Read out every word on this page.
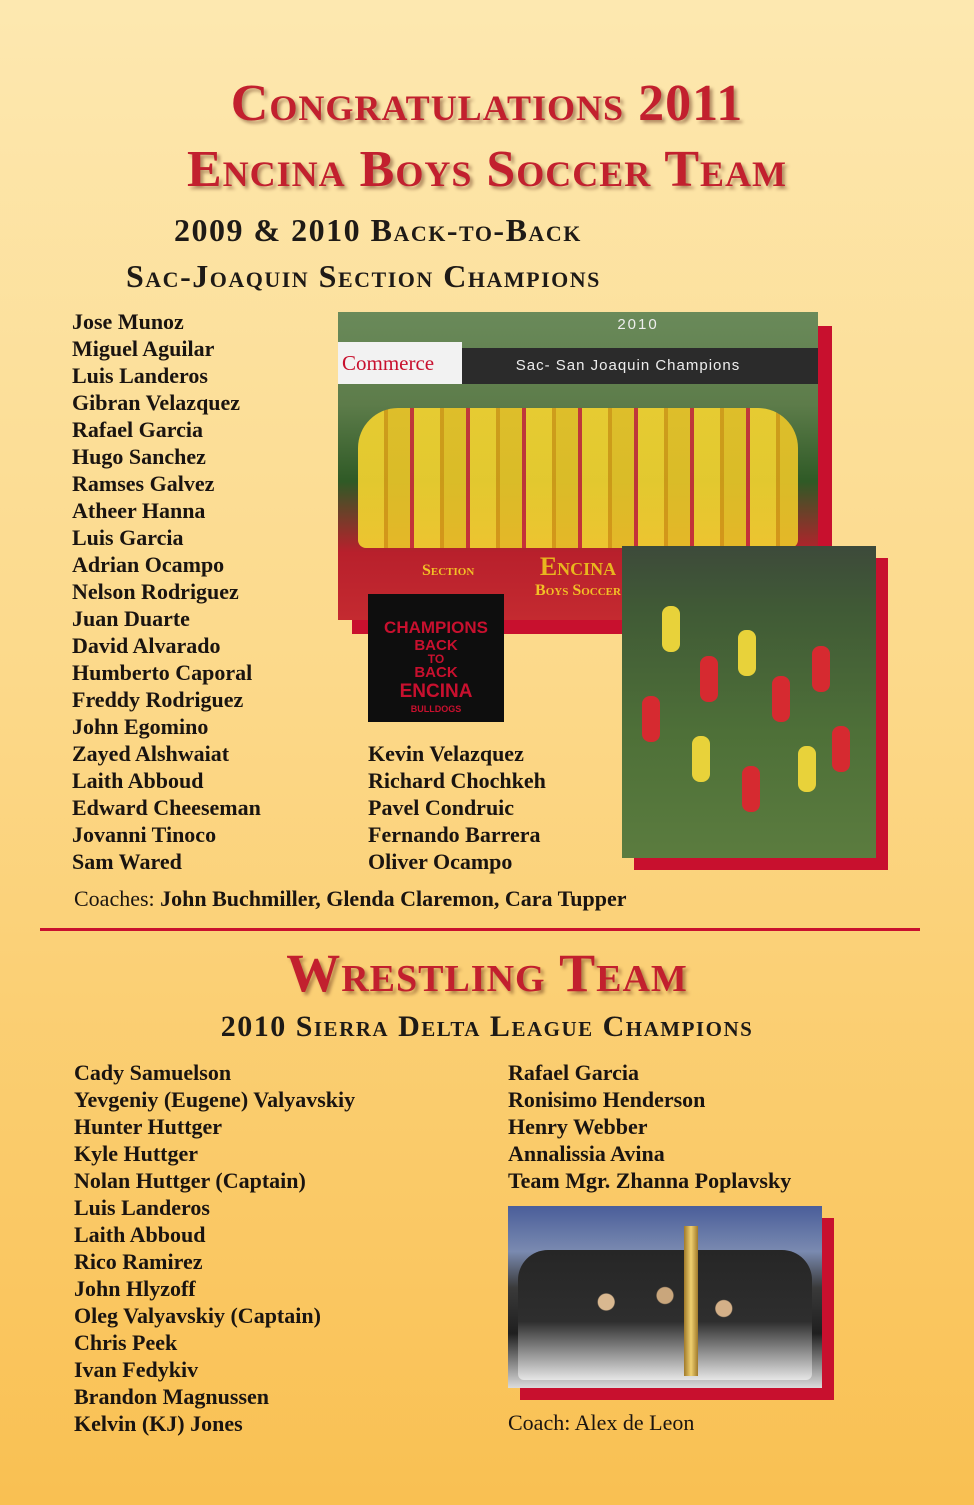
Congratulations 2011
Encina Boys Soccer Team
2009 & 2010 Back-to-Back
Sac-Joaquin Section Champions
Jose Munoz
Miguel Aguilar
Luis Landeros
Gibran Velazquez
Rafael Garcia
Hugo Sanchez
Ramses Galvez
Atheer Hanna
Luis Garcia
Adrian Ocampo
Nelson Rodriguez
Juan Duarte
David Alvarado
Humberto Caporal
Freddy Rodriguez
John Egomino
Zayed Alshwaiat
Laith Abboud
Edward Cheeseman
Jovanni Tinoco
Sam Wared
Commerce
2010
Sac- San Joaquin Champions
Section	Encina
Boys Soccer
CHAMPIONS
BACK
TO
BACK
ENCINA
BULLDOGS
Kevin Velazquez
Richard Chochkeh
Pavel Condruic
Fernando Barrera
Oliver Ocampo
Coaches: John Buchmiller, Glenda Claremon, Cara Tupper
Wrestling Team
2010 Sierra Delta League Champions
Cady Samuelson
Yevgeniy (Eugene) Valyavskiy
Hunter Huttger
Kyle Huttger
Nolan Huttger (Captain)
Luis Landeros
Laith Abboud
Rico Ramirez
John Hlyzoff
Oleg Valyavskiy (Captain)
Chris Peek
Ivan Fedykiv
Brandon Magnussen
Kelvin (KJ) Jones
Rafael Garcia
Ronisimo Henderson
Henry Webber
Annalissia Avina
Team Mgr. Zhanna Poplavsky
Coach: Alex de Leon
